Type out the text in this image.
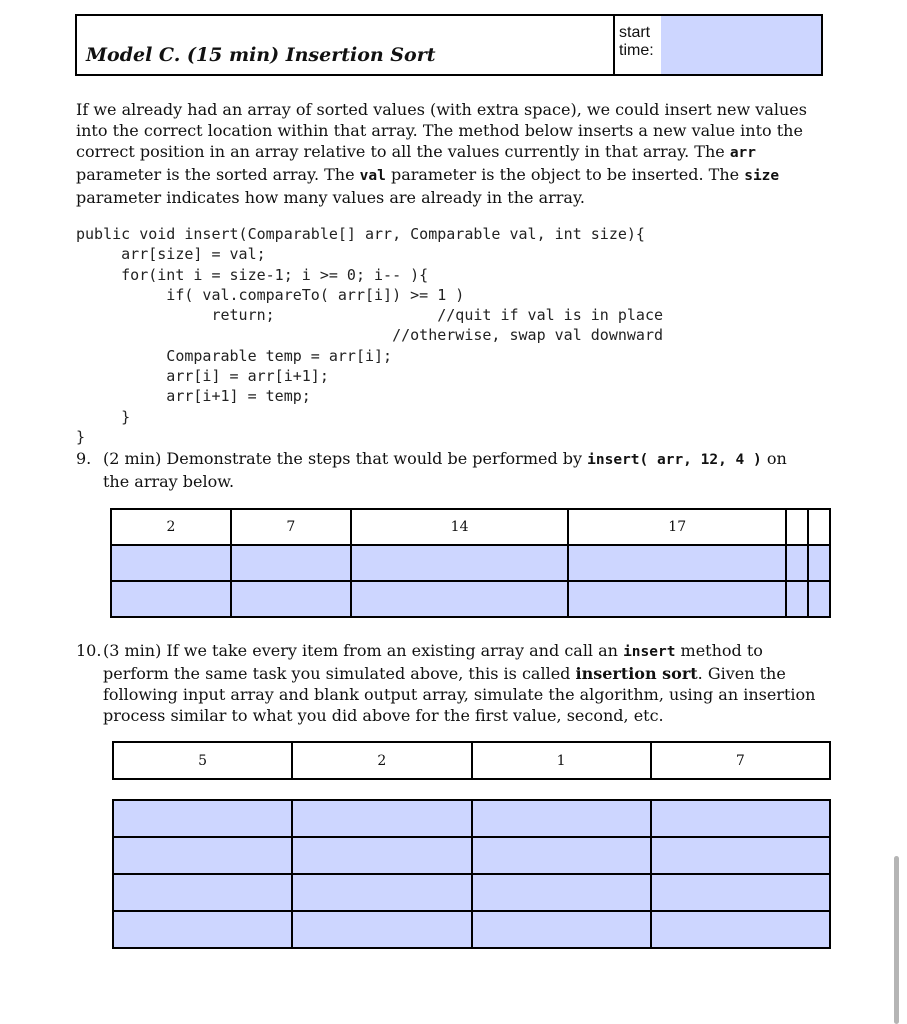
Model C. (15 min) Insertion Sort
start
time:
If we already had an array of sorted values (with extra space), we could insert new values into the correct location within that array. The method below inserts a new value into the correct position in an array relative to all the values currently in that array. The arr parameter is the sorted array. The val parameter is the object to be inserted. The size parameter indicates how many values are already in the array.
public void insert(Comparable[] arr, Comparable val, int size){
arr[size] = val;
for(int i = size-1; i >= 0; i-- ){
if( val.compareTo( arr[i]) >= 1 )
return;                  //quit if val is in place
//otherwise, swap val downward
Comparable temp = arr[i];
arr[i] = arr[i+1];
arr[i+1] = temp;
}
}
9. (2 min) Demonstrate the steps that would be performed by insert( arr, 12, 4 ) on
the array below.
2	7	14	17		

10. (3 min) If we take every item from an existing array and call an insert method to perform the same task you simulated above, this is called insertion sort. Given the following input array and blank output array, simulate the algorithm, using an insertion process similar to what you did above for the first value, second, etc.
5	2	1	7
